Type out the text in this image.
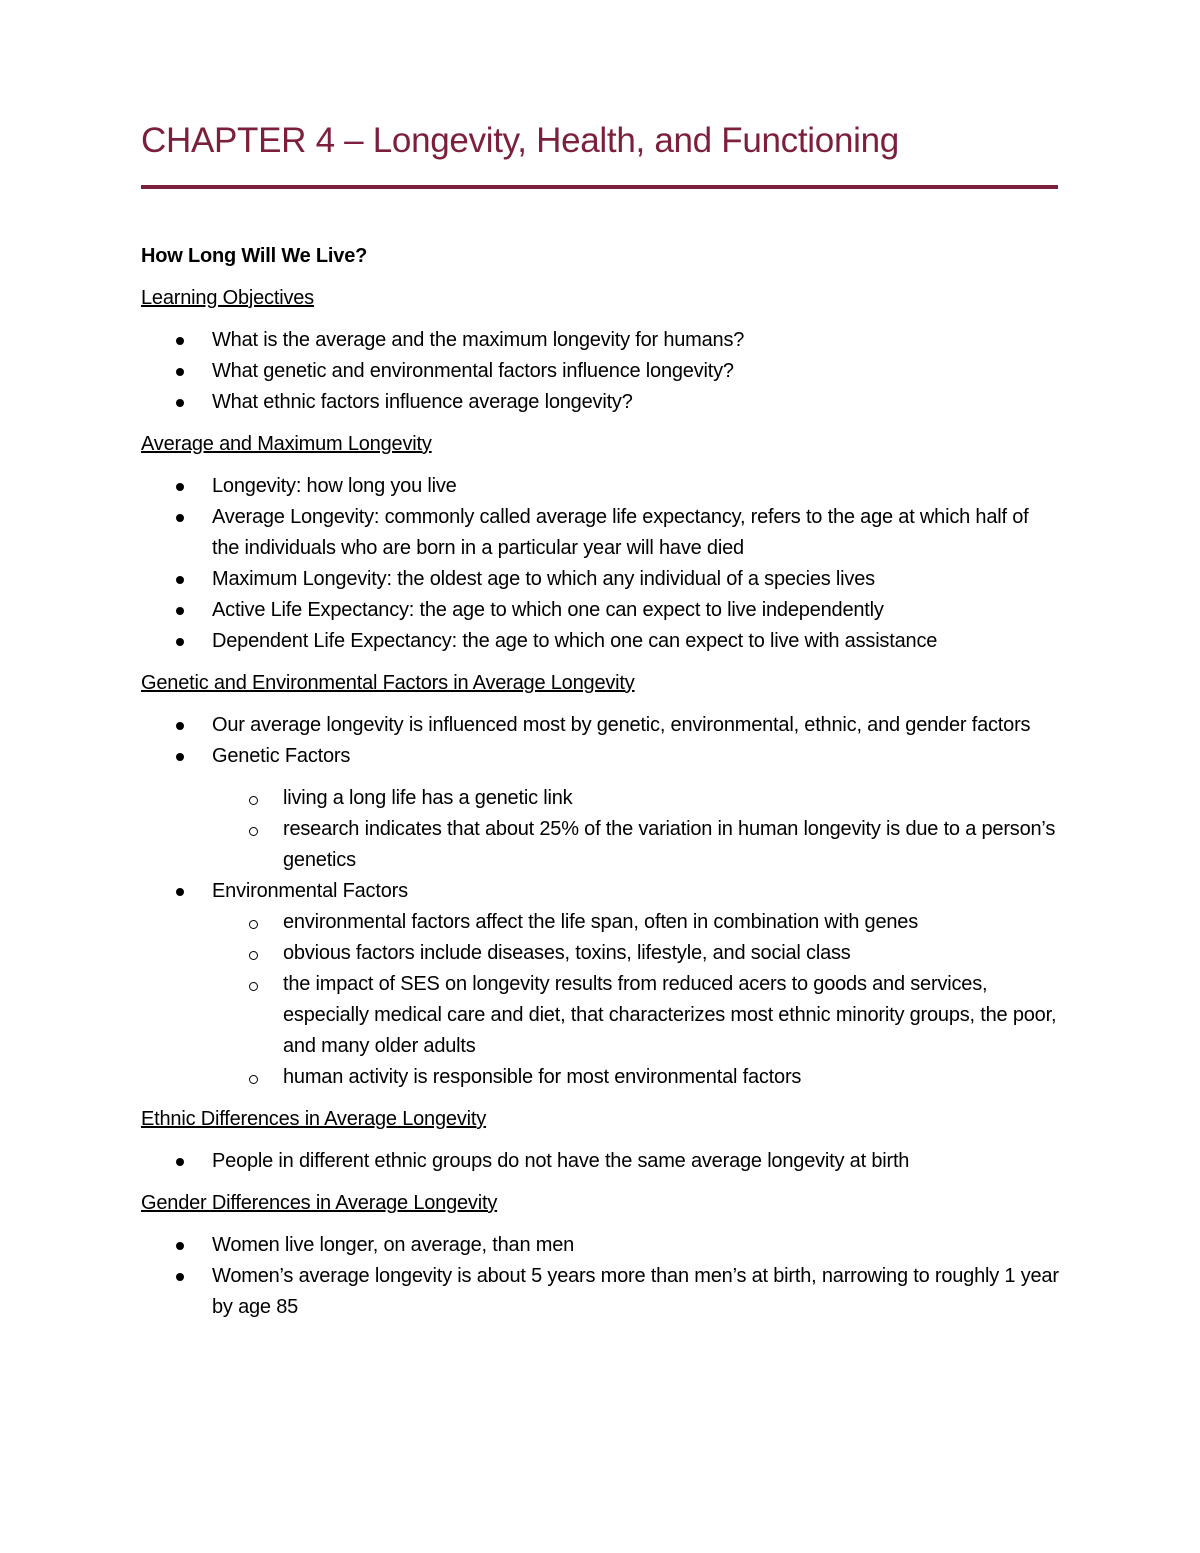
CHAPTER 4 – Longevity, Health, and Functioning

How Long Will We Live?

Learning Objectives

What is the average and the maximum longevity for humans?
What genetic and environmental factors influence longevity?
What ethnic factors influence average longevity?

Average and Maximum Longevity

Longevity: how long you live
Average Longevity: commonly called average life expectancy, refers to the age at which half of the individuals who are born in a particular year will have died
Maximum Longevity: the oldest age to which any individual of a species lives
Active Life Expectancy: the age to which one can expect to live independently
Dependent Life Expectancy: the age to which one can expect to live with assistance

Genetic and Environmental Factors in Average Longevity

Our average longevity is influenced most by genetic, environmental, ethnic, and gender factors
Genetic Factors
living a long life has a genetic link
research indicates that about 25% of the variation in human longevity is due to a person’s genetics
Environmental Factors
environmental factors affect the life span, often in combination with genes
obvious factors include diseases, toxins, lifestyle, and social class
the impact of SES on longevity results from reduced acers to goods and services, especially medical care and diet, that characterizes most ethnic minority groups, the poor, and many older adults
human activity is responsible for most environmental factors

Ethnic Differences in Average Longevity

People in different ethnic groups do not have the same average longevity at birth

Gender Differences in Average Longevity

Women live longer, on average, than men
Women’s average longevity is about 5 years more than men’s at birth, narrowing to roughly 1 year by age 85
